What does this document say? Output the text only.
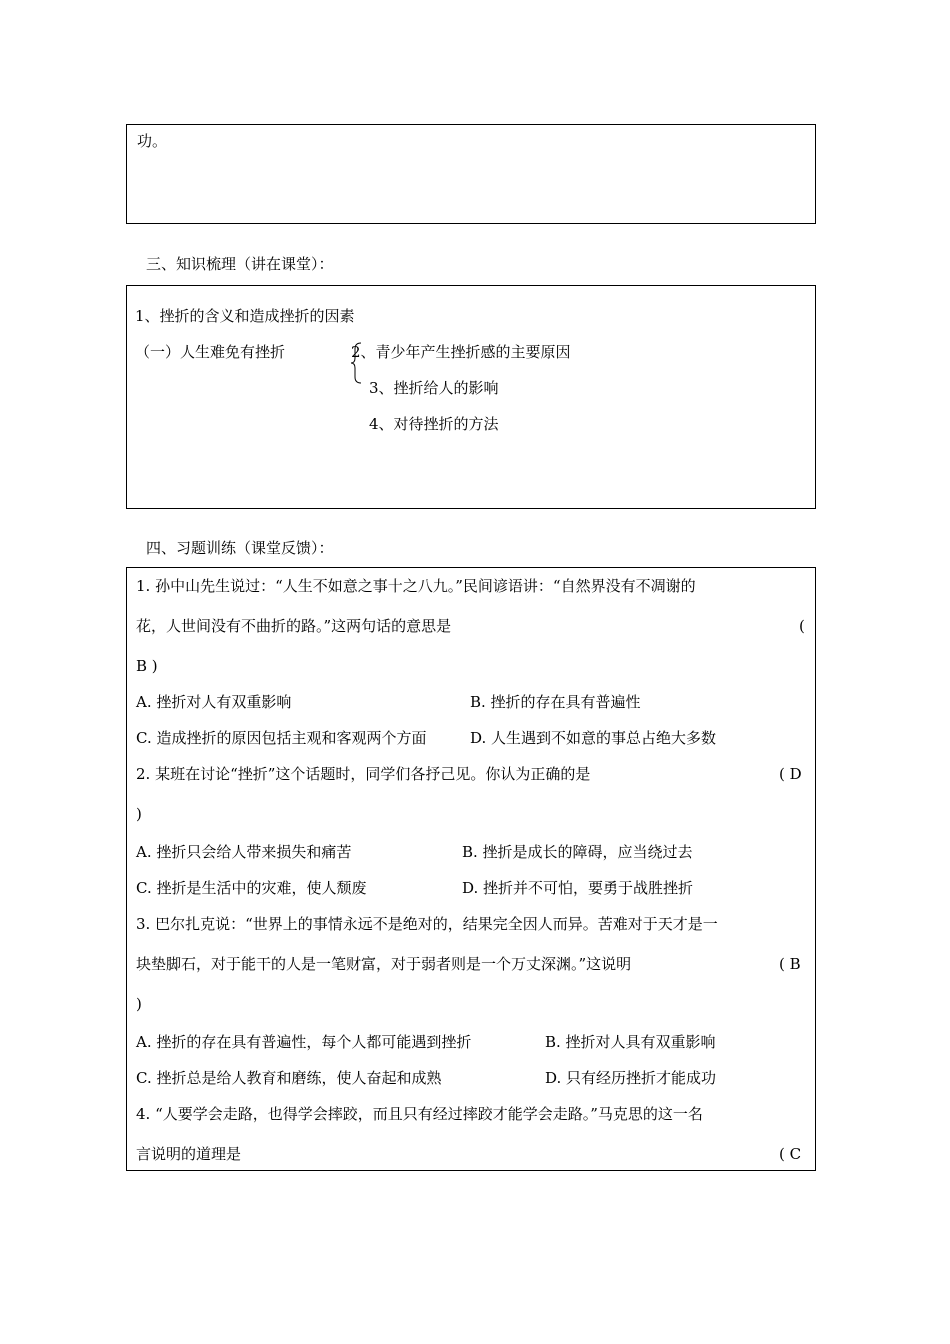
功。
三、知识梳理（讲在课堂）：
1、挫折的含义和造成挫折的因素
（一）人生难免有挫折	2、青少年产生挫折感的主要原因
3、挫折给人的影响
4、对待挫折的方法
四、习题训练（课堂反馈）：
1. 孙中山先生说过：“人生不如意之事十之八九。”民间谚语讲：“自然界没有不凋谢的
花，人世间没有不曲折的路。”这两句话的意思是	(
B )
A. 挫折对人有双重影响	B. 挫折的存在具有普遍性
C. 造成挫折的原因包括主观和客观两个方面	D. 人生遇到不如意的事总占绝大多数
2. 某班在讨论“挫折”这个话题时，同学们各抒己见。你认为正确的是	( D
)
A. 挫折只会给人带来损失和痛苦	B. 挫折是成长的障碍，应当绕过去
C. 挫折是生活中的灾难，使人颓废	D. 挫折并不可怕，要勇于战胜挫折
3. 巴尔扎克说：“世界上的事情永远不是绝对的，结果完全因人而异。苦难对于天才是一
块垫脚石，对于能干的人是一笔财富，对于弱者则是一个万丈深渊。”这说明	( B
)
A. 挫折的存在具有普遍性，每个人都可能遇到挫折	B. 挫折对人具有双重影响
C. 挫折总是给人教育和磨练，使人奋起和成熟	D. 只有经历挫折才能成功
4. “人要学会走路，也得学会摔跤，而且只有经过摔跤才能学会走路。”马克思的这一名
言说明的道理是	( C
